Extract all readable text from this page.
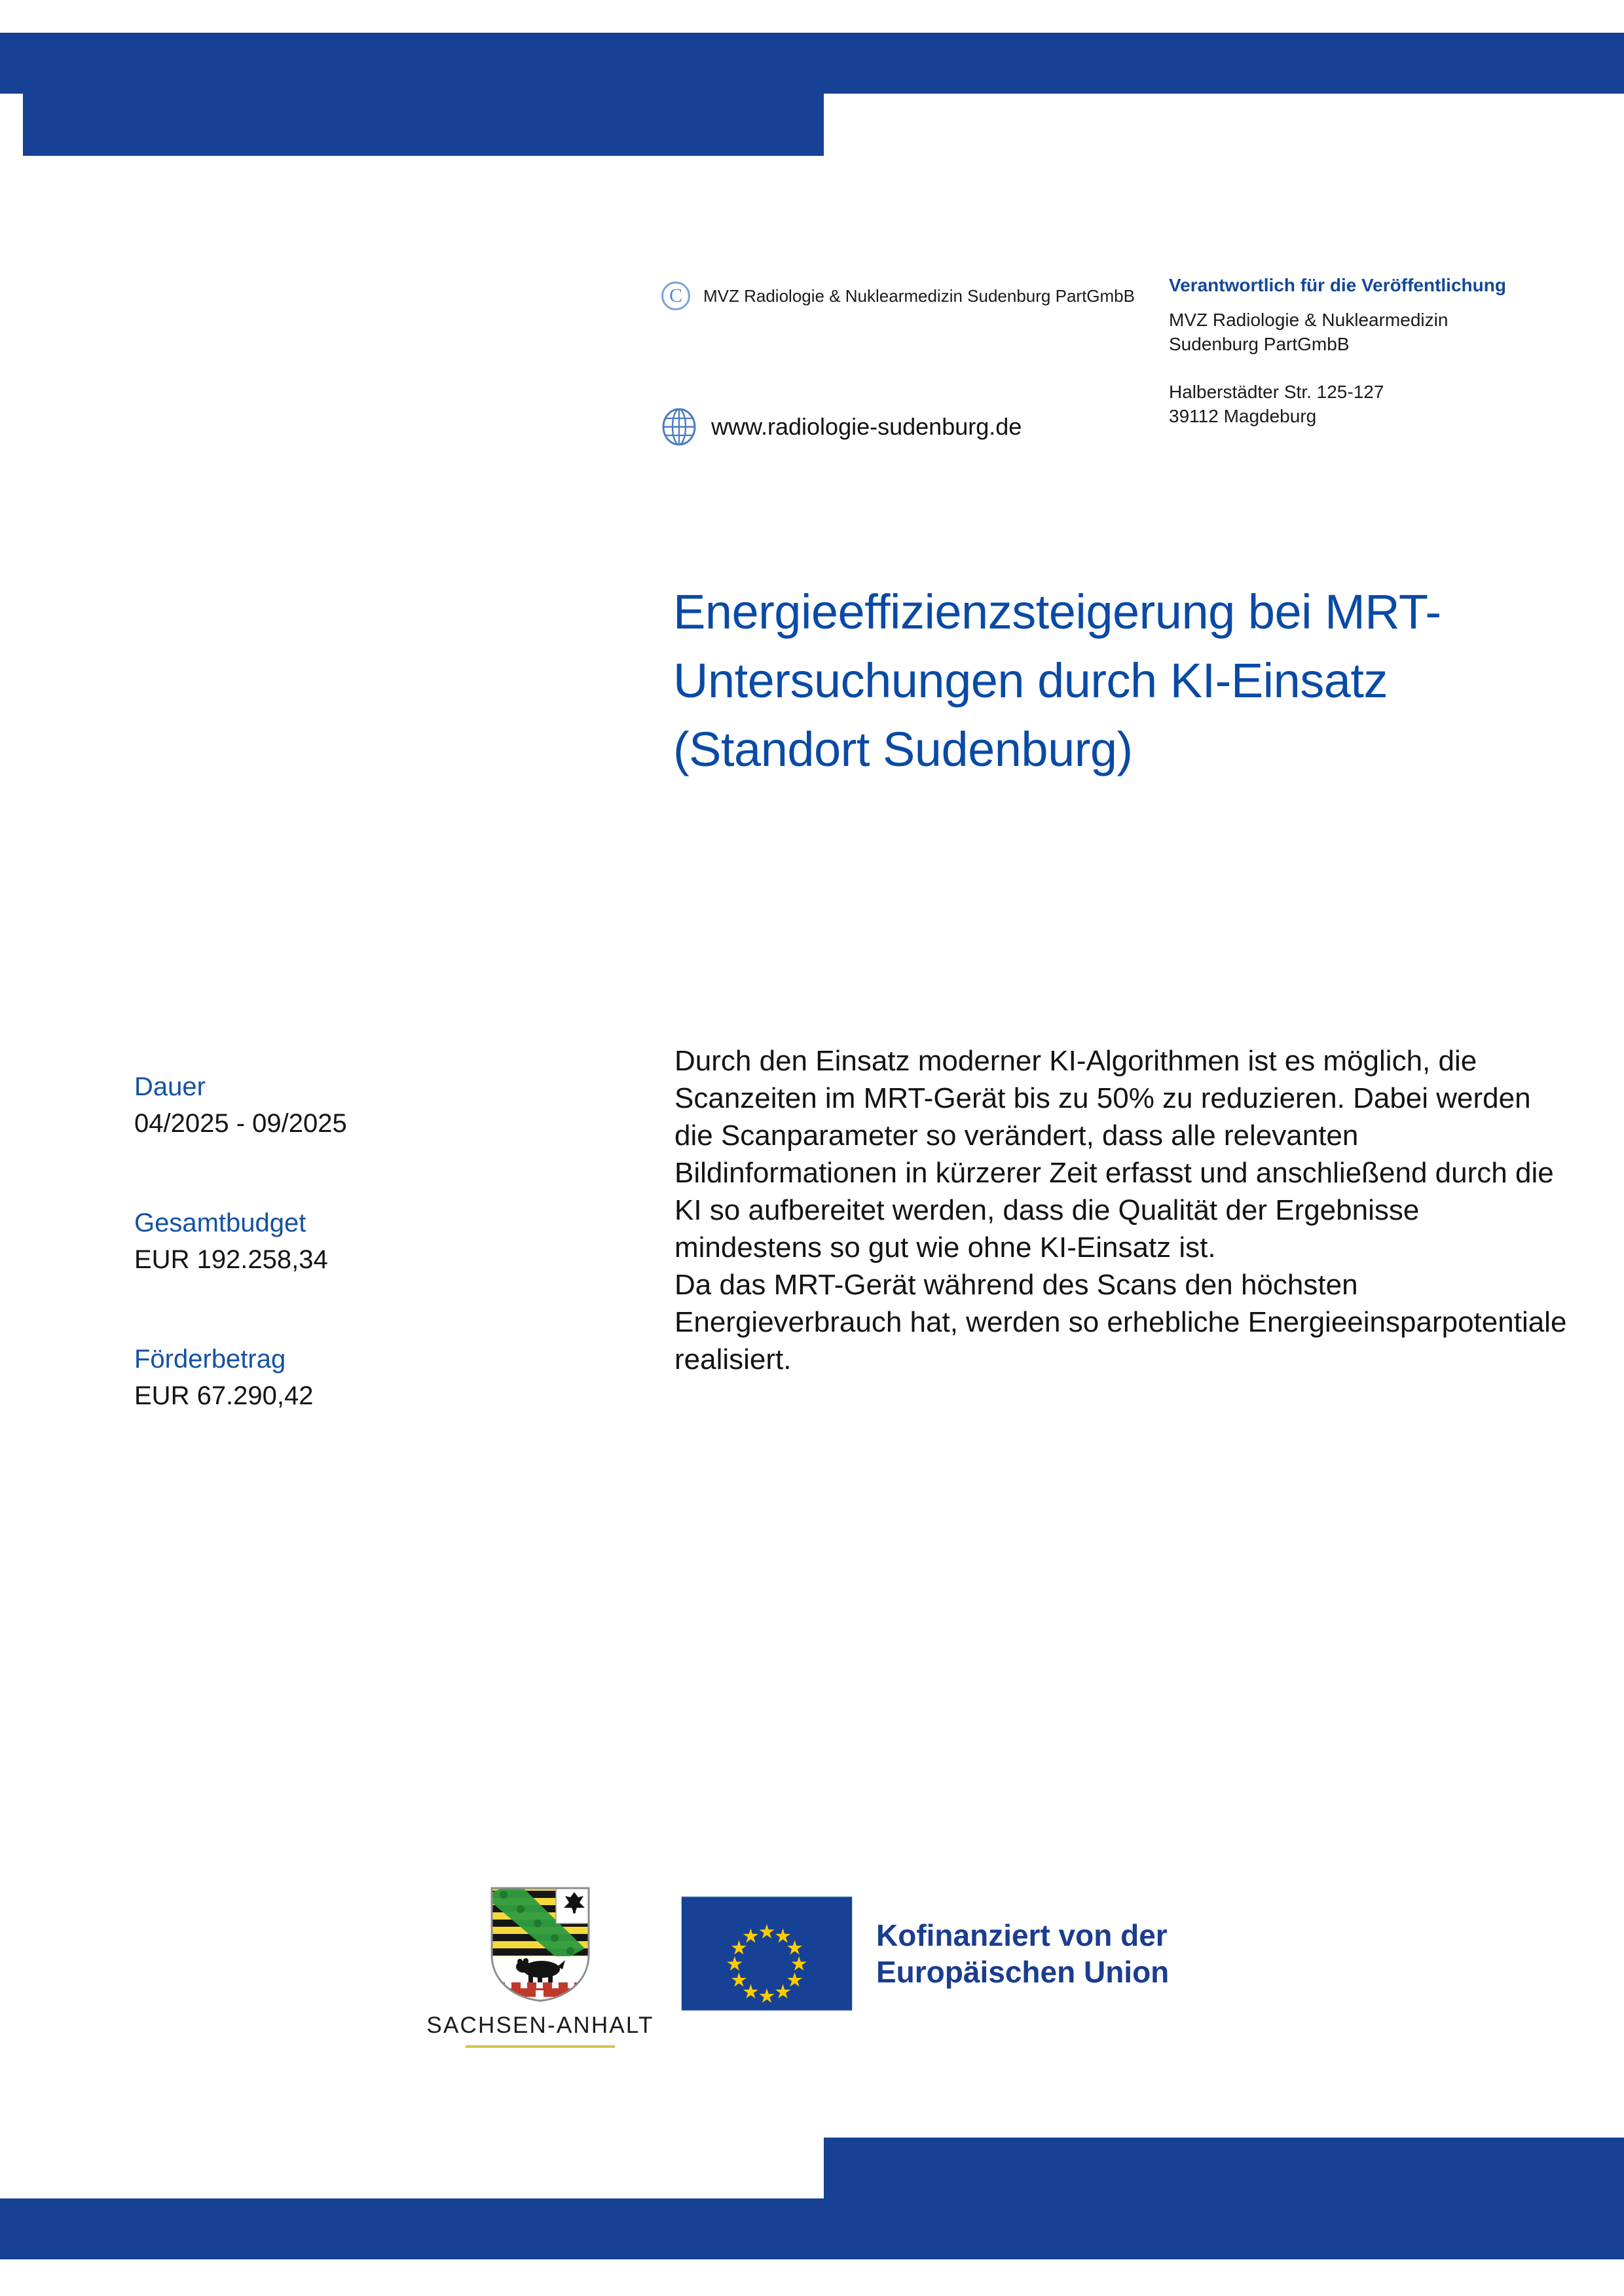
C	MVZ Radiologie & Nuklearmedizin Sudenburg PartGmbB
www.radiologie-sudenburg.de
Verantwortlich für die Veröffentlichung
MVZ Radiologie & Nuklearmedizin
Sudenburg PartGmbB
Halberstädter Str. 125-127
39112 Magdeburg
Energieeffizienzsteigerung bei MRT-Untersuchungen durch KI-Einsatz (Standort Sudenburg)
Dauer
04/2025 - 09/2025
Gesamtbudget
EUR 192.258,34
Förderbetrag
EUR 67.290,42

Durch den Einsatz moderner KI-Algorithmen ist es möglich, die Scanzeiten im MRT-Gerät bis zu 50% zu reduzieren. Dabei werden die Scanparameter so verändert, dass alle relevanten Bildinformationen in kürzerer Zeit erfasst und anschließend durch die KI so aufbereitet werden, dass die Qualität der Ergebnisse mindestens so gut wie ohne KI-Einsatz ist.

Da das MRT-Gerät während des Scans den höchsten Energieverbrauch hat, werden so erhebliche Energieeinsparpotentiale realisiert.

SACHSEN-ANHALT
Kofinanziert von der
Europäischen Union
